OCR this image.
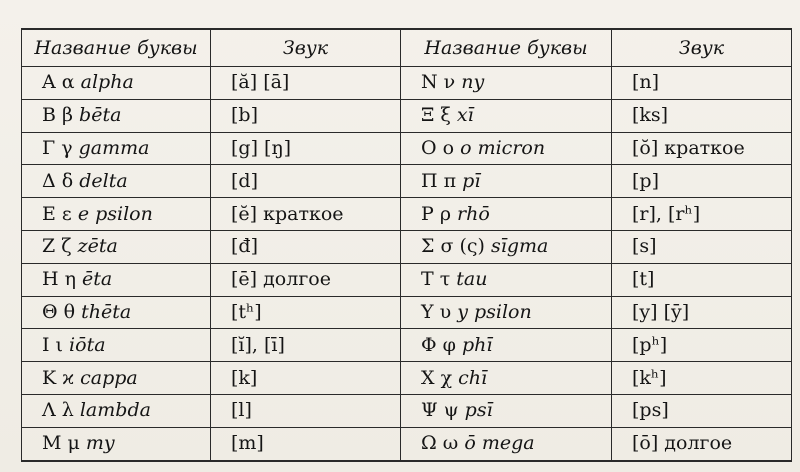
Название буквы	Звук	Название буквы	Звук
Α α alpha	[ă] [ā]	Ν ν ny	[n]
Β β bēta	[b]	Ξ ξ xī	[ks]
Γ γ gamma	[g] [ŋ]	Ο ο o micron	[ŏ] краткое
Δ δ delta	[d]	Π π pī	[p]
Ε ε e psilon	[ĕ] краткое	Ρ ρ rhō	[r], [rʰ]
Ζ ζ zēta	[đ]	Σ σ (ς) sīgma	[s]
Η η ēta	[ē] долгое	Τ τ tau	[t]
Θ θ thēta	[tʰ]	Υ υ y psilon	[y] [ȳ]
Ι ι iōta	[ĭ], [ī]	Φ φ phī	[pʰ]
Κ ϰ cappa	[k]	Χ χ chī	[kʰ]
Λ λ lambda	[l]	Ψ ψ psī	[ps]
Μ μ my	[m]	Ω ω ō mega	[ō] долгое
